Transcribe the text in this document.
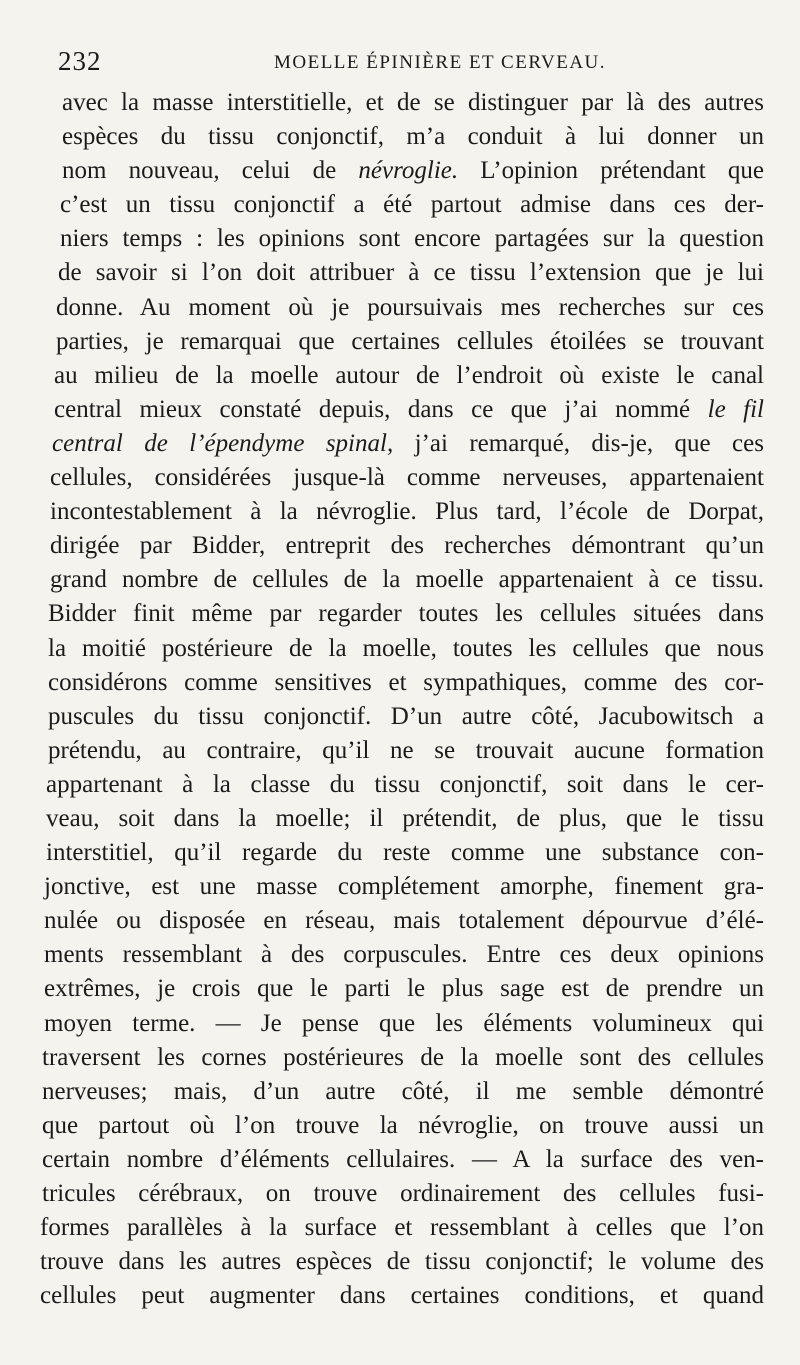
232	MOELLE ÉPINIÈRE ET CERVEAU.
avec la masse interstitielle, et de se distinguer par là des autres
espèces du tissu conjonctif, m’a conduit à lui donner un
nom nouveau, celui de névroglie. L’opinion prétendant que
c’est un tissu conjonctif a été partout admise dans ces der-
niers temps : les opinions sont encore partagées sur la question
de savoir si l’on doit attribuer à ce tissu l’extension que je lui
donne. Au moment où je poursuivais mes recherches sur ces
parties, je remarquai que certaines cellules étoilées se trouvant
au milieu de la moelle autour de l’endroit où existe le canal
central mieux constaté depuis, dans ce que j’ai nommé le fil
central de l’épendyme spinal, j’ai remarqué, dis-je, que ces
cellules, considérées jusque-là comme nerveuses, appartenaient
incontestablement à la névroglie. Plus tard, l’école de Dorpat,
dirigée par Bidder, entreprit des recherches démontrant qu’un
grand nombre de cellules de la moelle appartenaient à ce tissu.
Bidder finit même par regarder toutes les cellules situées dans
la moitié postérieure de la moelle, toutes les cellules que nous
considérons comme sensitives et sympathiques, comme des cor-
puscules du tissu conjonctif. D’un autre côté, Jacubowitsch a
prétendu, au contraire, qu’il ne se trouvait aucune formation
appartenant à la classe du tissu conjonctif, soit dans le cer-
veau, soit dans la moelle; il prétendit, de plus, que le tissu
interstitiel, qu’il regarde du reste comme une substance con-
jonctive, est une masse complétement amorphe, finement gra-
nulée ou disposée en réseau, mais totalement dépourvue d’élé-
ments ressemblant à des corpuscules. Entre ces deux opinions
extrêmes, je crois que le parti le plus sage est de prendre un
moyen terme. — Je pense que les éléments volumineux qui
traversent les cornes postérieures de la moelle sont des cellules
nerveuses; mais, d’un autre côté, il me semble démontré
que partout où l’on trouve la névroglie, on trouve aussi un
certain nombre d’éléments cellulaires. — A la surface des ven-
tricules cérébraux, on trouve ordinairement des cellules fusi-
formes parallèles à la surface et ressemblant à celles que l’on
trouve dans les autres espèces de tissu conjonctif; le volume des
cellules peut augmenter dans certaines conditions, et quand
